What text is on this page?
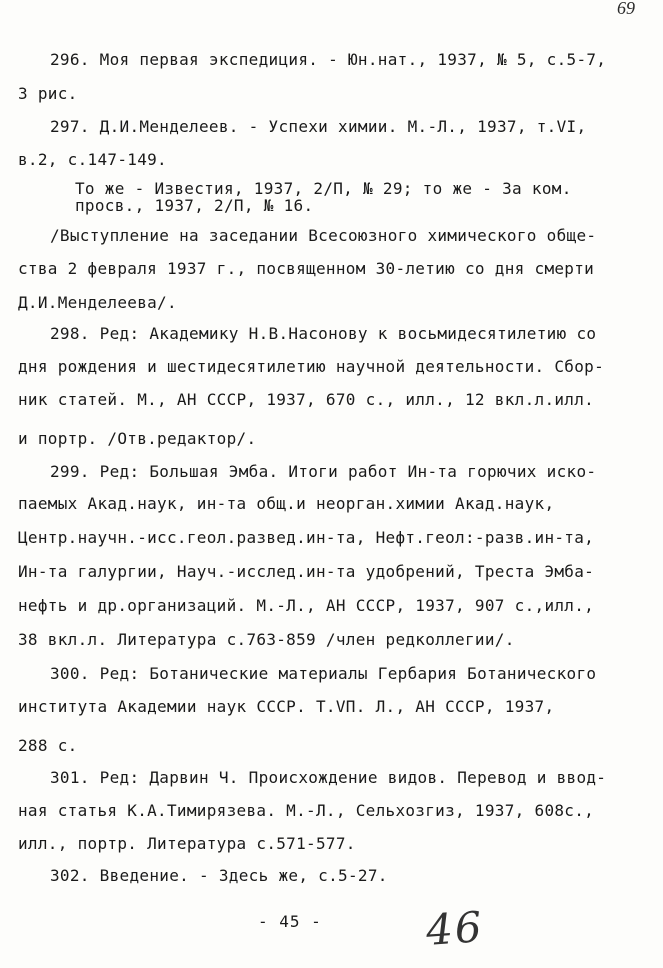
69
296. Моя первая экспедиция. - Юн.нат., 1937, № 5, с.5-7,
3 рис.
297. Д.И.Менделеев. - Успехи химии. М.-Л., 1937, т.VI,
в.2, с.147-149.
То же - Известия, 1937, 2/П, № 29; то же - За ком.
просв., 1937, 2/П, № 16.
/Выступление на заседании Всесоюзного химического обще-
ства 2 февраля 1937 г., посвященном 30-летию со дня смерти
Д.И.Менделеева/.
298. Ред: Академику Н.В.Насонову к восьмидесятилетию со
дня рождения и шестидесятилетию научной деятельности. Сбор-
ник статей. М., АН СССР, 1937, 670 с., илл., 12 вкл.л.илл.
и портр. /Отв.редактор/.
299. Ред: Большая Эмба. Итоги работ Ин-та горючих иско-
паемых Акад.наук, ин-та общ.и неорган.химии Акад.наук,
Центр.научн.-исс.геол.развед.ин-та, Нефт.геол:-разв.ин-та,
Ин-та галургии, Науч.-исслед.ин-та удобрений, Треста Эмба-
нефть и др.организаций. М.-Л., АН СССР, 1937, 907 с.,илл.,
38 вкл.л. Литература с.763-859 /член редколлегии/.
300. Ред: Ботанические материалы Гербария Ботанического
института Академии наук СССР. Т.VП. Л., АН СССР, 1937,
288 с.
301. Ред: Дарвин Ч. Происхождение видов. Перевод и ввод-
ная статья К.А.Тимирязева. М.-Л., Сельхозгиз, 1937, 608с.,
илл., портр. Литература с.571-577.
302. Введение. - Здесь же, с.5-27.
- 45 - 46
